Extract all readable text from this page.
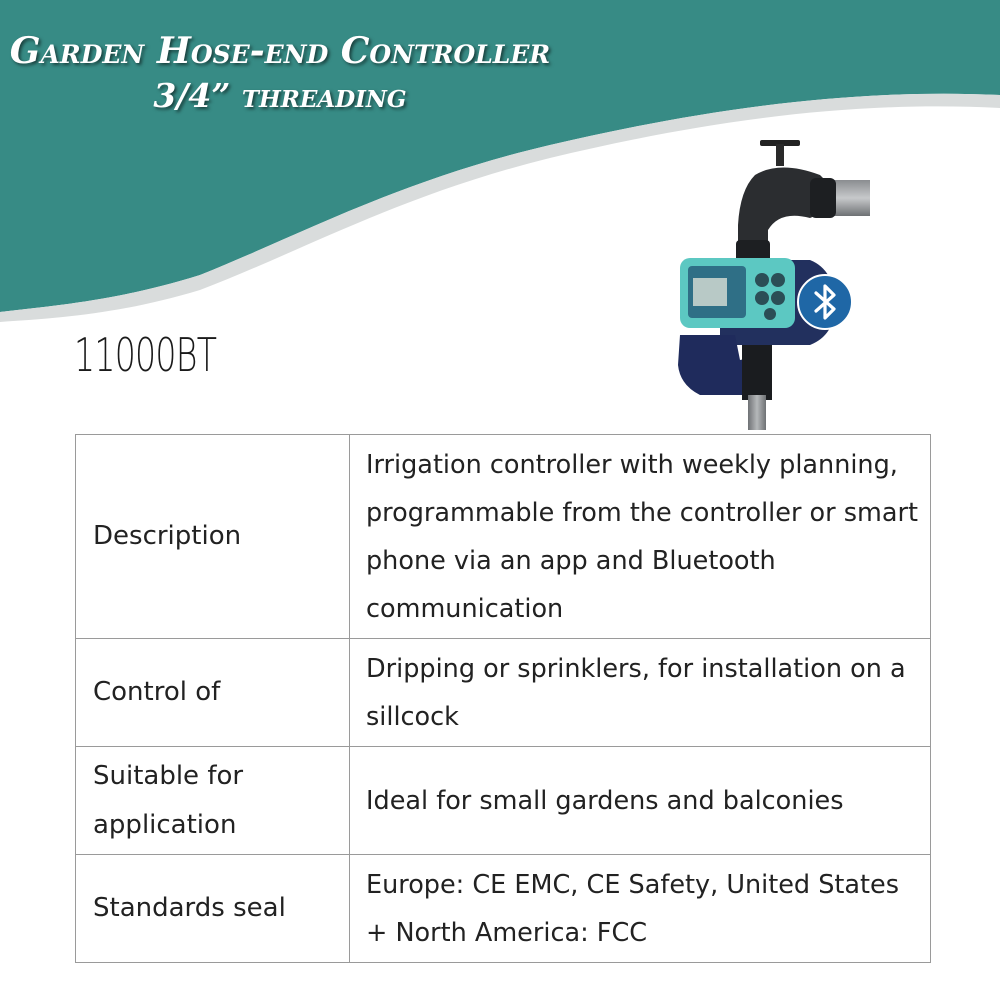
Garden Hose-end Controller
3/4” threading
11000BT
Description	Irrigation controller with weekly planning, programmable from the controller or smart phone via an app and Bluetooth communication
Control of	Dripping or sprinklers, for installation on a sillcock
Suitable for application	Ideal for small gardens and balconies
Standards seal	Europe: CE EMC, CE Safety, United States + North America: FCC
